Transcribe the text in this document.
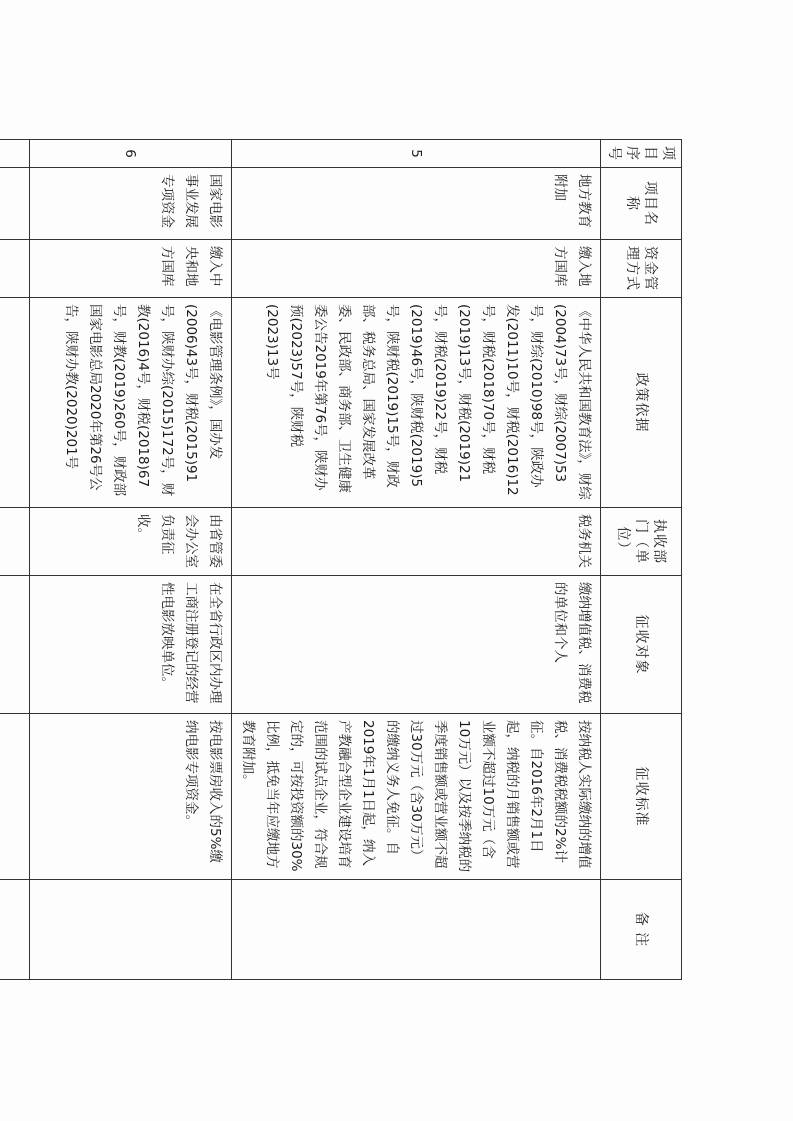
项目序号	项目名称	资金管理方式	政策依据	执收部门（单位）	征收对象	征收标准	备 注
5	地方教育附加	缴入地方国库	《中华人民共和国教育法》，财综(2004)73号，财综(2007)53号，财综(2010)98号，陕政办发(2011)10号，财税(2016)12号，财税(2018)70号，财税(2019)13号，财税(2019)21号，财税(2019)22号，财税(2019)46号，陕财税(2019)5号，陕财税(2019)15号，财政部、税务总局、国家发展改革委、民政部、商务部、卫生健康委公告2019年第76号，陕财办预(2023)57号，陕财税(2023)13号	税务机关	缴纳增值税、消费税的单位和个人	按纳税人实际缴纳的增值税、消费税税额的2%计征。自2016年2月1日起，纳税的月销售额或营业额不超过10万元（含10万元）以及按季纳税的季度销售额或营业额不超过30万元（含30万元）的缴纳义务人免征。自2019年1月1日起，纳入产教融合型企业建设培育范围的试点企业，符合规定的，可按投资额的30%比例，抵免当年应缴地方教育附加。	
6	国家电影事业发展专项资金	缴入中央和地方国库	《电影管理条例》，国办发(2006)43号，财税(2015)91号，陕财办综(2015)172号，财教(2016)4号，财税(2018)67号，财教(2019)260号，财政部 国家电影总局2020年第26号公告，陕财办教(2020)201号	由省管委会办公室负责征收。	在全省行政区内办理工商注册登记的经营性电影放映单位。	按电影票房收入的5%缴纳电影专项资金。	
